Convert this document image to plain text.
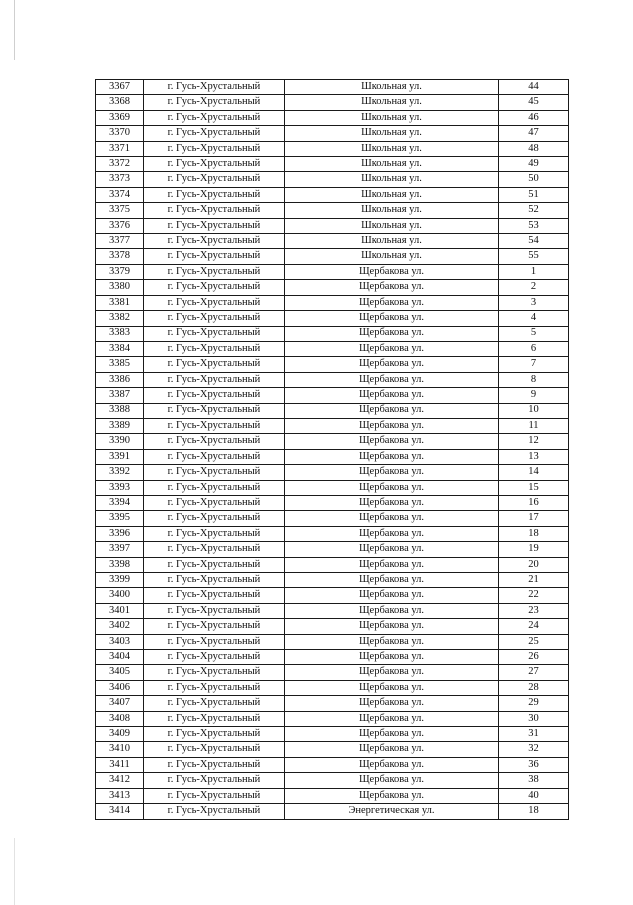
3367	г. Гусь-Хрустальный	Школьная ул.	44
3368	г. Гусь-Хрустальный	Школьная ул.	45
3369	г. Гусь-Хрустальный	Школьная ул.	46
3370	г. Гусь-Хрустальный	Школьная ул.	47
3371	г. Гусь-Хрустальный	Школьная ул.	48
3372	г. Гусь-Хрустальный	Школьная ул.	49
3373	г. Гусь-Хрустальный	Школьная ул.	50
3374	г. Гусь-Хрустальный	Школьная ул.	51
3375	г. Гусь-Хрустальный	Школьная ул.	52
3376	г. Гусь-Хрустальный	Школьная ул.	53
3377	г. Гусь-Хрустальный	Школьная ул.	54
3378	г. Гусь-Хрустальный	Школьная ул.	55
3379	г. Гусь-Хрустальный	Щербакова ул.	1
3380	г. Гусь-Хрустальный	Щербакова ул.	2
3381	г. Гусь-Хрустальный	Щербакова ул.	3
3382	г. Гусь-Хрустальный	Щербакова ул.	4
3383	г. Гусь-Хрустальный	Щербакова ул.	5
3384	г. Гусь-Хрустальный	Щербакова ул.	6
3385	г. Гусь-Хрустальный	Щербакова ул.	7
3386	г. Гусь-Хрустальный	Щербакова ул.	8
3387	г. Гусь-Хрустальный	Щербакова ул.	9
3388	г. Гусь-Хрустальный	Щербакова ул.	10
3389	г. Гусь-Хрустальный	Щербакова ул.	11
3390	г. Гусь-Хрустальный	Щербакова ул.	12
3391	г. Гусь-Хрустальный	Щербакова ул.	13
3392	г. Гусь-Хрустальный	Щербакова ул.	14
3393	г. Гусь-Хрустальный	Щербакова ул.	15
3394	г. Гусь-Хрустальный	Щербакова ул.	16
3395	г. Гусь-Хрустальный	Щербакова ул.	17
3396	г. Гусь-Хрустальный	Щербакова ул.	18
3397	г. Гусь-Хрустальный	Щербакова ул.	19
3398	г. Гусь-Хрустальный	Щербакова ул.	20
3399	г. Гусь-Хрустальный	Щербакова ул.	21
3400	г. Гусь-Хрустальный	Щербакова ул.	22
3401	г. Гусь-Хрустальный	Щербакова ул.	23
3402	г. Гусь-Хрустальный	Щербакова ул.	24
3403	г. Гусь-Хрустальный	Щербакова ул.	25
3404	г. Гусь-Хрустальный	Щербакова ул.	26
3405	г. Гусь-Хрустальный	Щербакова ул.	27
3406	г. Гусь-Хрустальный	Щербакова ул.	28
3407	г. Гусь-Хрустальный	Щербакова ул.	29
3408	г. Гусь-Хрустальный	Щербакова ул.	30
3409	г. Гусь-Хрустальный	Щербакова ул.	31
3410	г. Гусь-Хрустальный	Щербакова ул.	32
3411	г. Гусь-Хрустальный	Щербакова ул.	36
3412	г. Гусь-Хрустальный	Щербакова ул.	38
3413	г. Гусь-Хрустальный	Щербакова ул.	40
3414	г. Гусь-Хрустальный	Энергетическая ул.	18
